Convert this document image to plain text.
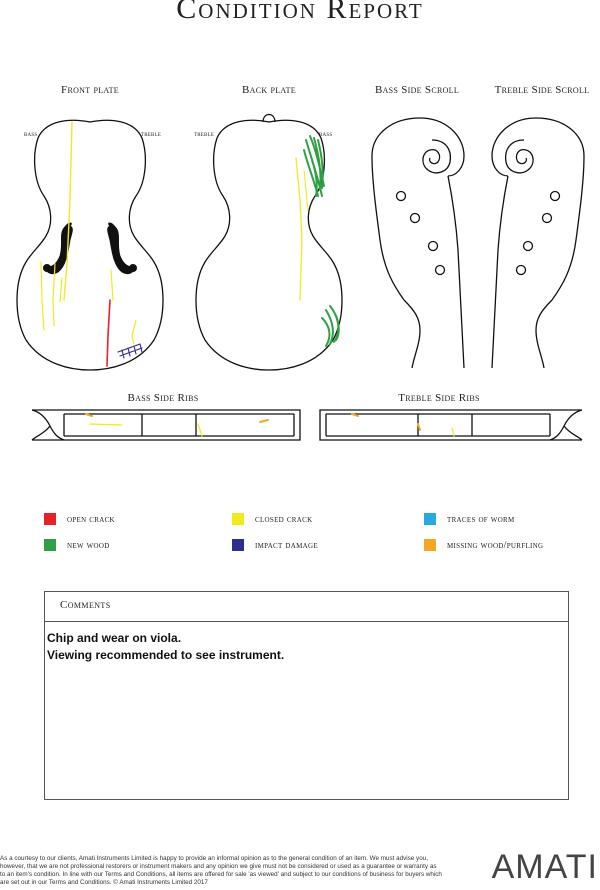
Condition Report
Front plate	Back plate	Bass Side Scroll	Treble Side Scroll
bass	treble	treble	bass
Bass Side Ribs	Treble Side Ribs
open crack	closed crack	traces of worm
new wood	impact damage	missing wood/purfling
Comments
Chip and wear on viola.
Viewing recommended to see instrument.
As a courtesy to our clients, Amati Instruments Limited is happy to provide an informal opinion as to the general condition of an item. We must advise you, however, that we are not professional restorers or instrument makers and any opinion we give must not be considered or used as a guarantee or warranty as to an item's condition. In line with our Terms and Conditions, all items are offered for sale 'as viewed' and subject to our conditions of business for buyers which are set out in our Terms and Conditions. © Amati Instruments Limited 2017	AMATI
